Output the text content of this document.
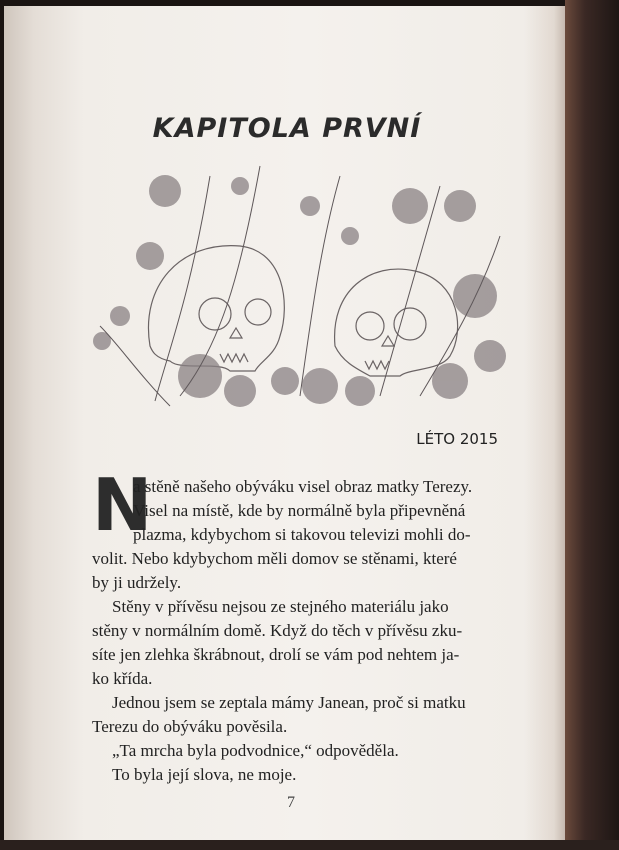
KAPITOLA PRVNÍ
LÉTO 2015
N
a stěně našeho obýváku visel obraz matky Terezy.
Visel na místě, kde by normálně byla připevněná
plazma, kdybychom si takovou televizi mohli do-
volit. Nebo kdybychom měli domov se stěnami, které
by ji udržely.
Stěny v přívěsu nejsou ze stejného materiálu jako
stěny v normálním domě. Když do těch v přívěsu zku-
síte jen zlehka škrábnout, drolí se vám pod nehtem ja-
ko křída.
Jednou jsem se zeptala mámy Janean, proč si matku
Terezu do obýváku pověsila.
„Ta mrcha byla podvodnice,“ odpověděla.
To byla její slova, ne moje.
7
